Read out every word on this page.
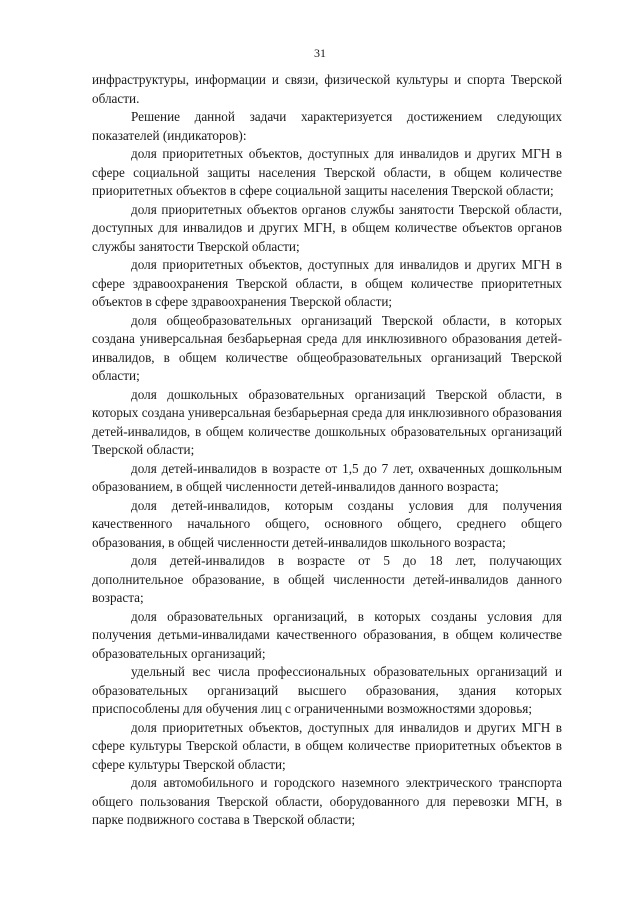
31

инфраструктуры, информации и связи, физической культуры и спорта Тверской области.

Решение данной задачи характеризуется достижением следующих показателей (индикаторов):

доля приоритетных объектов, доступных для инвалидов и других МГН в сфере социальной защиты населения Тверской области, в общем количестве приоритетных объектов в сфере социальной защиты населения Тверской области;

доля приоритетных объектов органов службы занятости Тверской области, доступных для инвалидов и других МГН, в общем количестве объектов органов службы занятости Тверской области;

доля приоритетных объектов, доступных для инвалидов и других МГН в сфере здравоохранения Тверской области, в общем количестве приоритетных объектов в сфере здравоохранения Тверской области;

доля общеобразовательных организаций Тверской области, в которых создана универсальная безбарьерная среда для инклюзивного образования детей-инвалидов, в общем количестве общеобразовательных организаций Тверской области;

доля дошкольных образовательных организаций Тверской области, в которых создана универсальная безбарьерная среда для инклюзивного образования детей-инвалидов, в общем количестве дошкольных образовательных организаций Тверской области;

доля детей-инвалидов в возрасте от 1,5 до 7 лет, охваченных дошкольным образованием, в общей численности детей-инвалидов данного возраста;

доля детей-инвалидов, которым созданы условия для получения качественного начального общего, основного общего, среднего общего образования, в общей численности детей-инвалидов школьного возраста;

доля детей-инвалидов в возрасте от 5 до 18 лет, получающих дополнительное образование, в общей численности детей-инвалидов данного возраста;

доля образовательных организаций, в которых созданы условия для получения детьми-инвалидами качественного образования, в общем количестве образовательных организаций;

удельный вес числа профессиональных образовательных организаций и образовательных организаций высшего образования, здания которых приспособлены для обучения лиц с ограниченными возможностями здоровья;

доля приоритетных объектов, доступных для инвалидов и других МГН в сфере культуры Тверской области, в общем количестве приоритетных объектов в сфере культуры Тверской области;

доля автомобильного и городского наземного электрического транспорта общего пользования Тверской области, оборудованного для перевозки МГН, в парке подвижного состава в Тверской области;
